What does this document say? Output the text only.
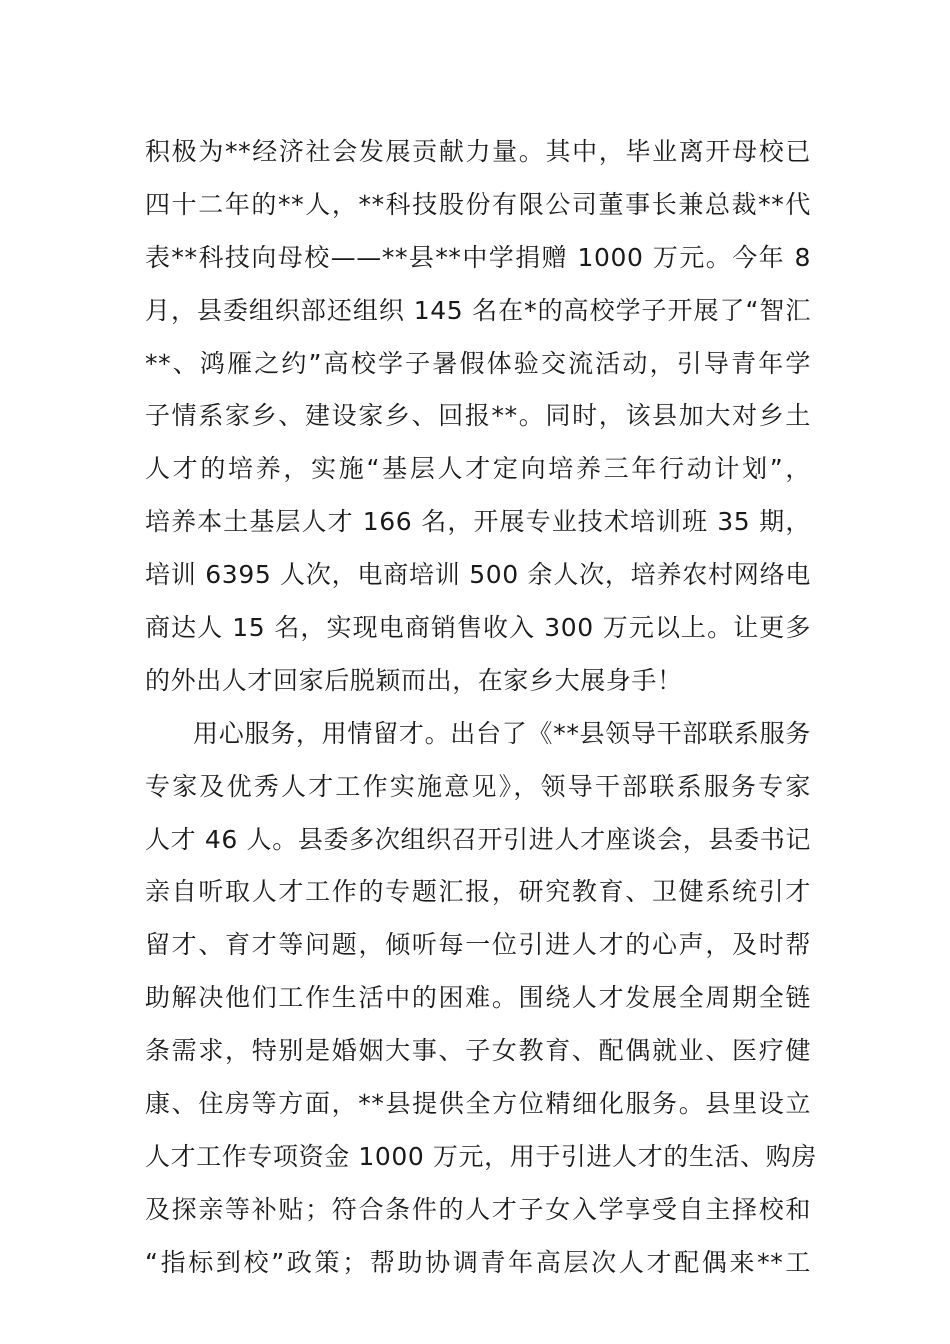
积极为**经济社会发展贡献力量。其中，毕业离开母校已
四十二年的**人，**科技股份有限公司董事长兼总裁**代
表**科技向母校——**县**中学捐赠 1000 万元。今年 8
月，县委组织部还组织 145 名在*的高校学子开展了“智汇
**、鸿雁之约”高校学子暑假体验交流活动，引导青年学
子情系家乡、建设家乡、回报**。同时，该县加大对乡土
人才的培养，实施“基层人才定向培养三年行动计划”，
培养本土基层人才 166 名，开展专业技术培训班 35 期，
培训 6395 人次，电商培训 500 余人次，培养农村网络电
商达人 15 名，实现电商销售收入 300 万元以上。让更多
的外出人才回家后脱颖而出，在家乡大展身手！
用心服务，用情留才。出台了《**县领导干部联系服务
专家及优秀人才工作实施意见》，领导干部联系服务专家
人才 46 人。县委多次组织召开引进人才座谈会，县委书记
亲自听取人才工作的专题汇报，研究教育、卫健系统引才
留才、育才等问题，倾听每一位引进人才的心声，及时帮
助解决他们工作生活中的困难。围绕人才发展全周期全链
条需求，特别是婚姻大事、子女教育、配偶就业、医疗健
康、住房等方面，**县提供全方位精细化服务。县里设立
人才工作专项资金 1000 万元，用于引进人才的生活、购房
及探亲等补贴；符合条件的人才子女入学享受自主择校和
“指标到校”政策；帮助协调青年高层次人才配偶来**工
